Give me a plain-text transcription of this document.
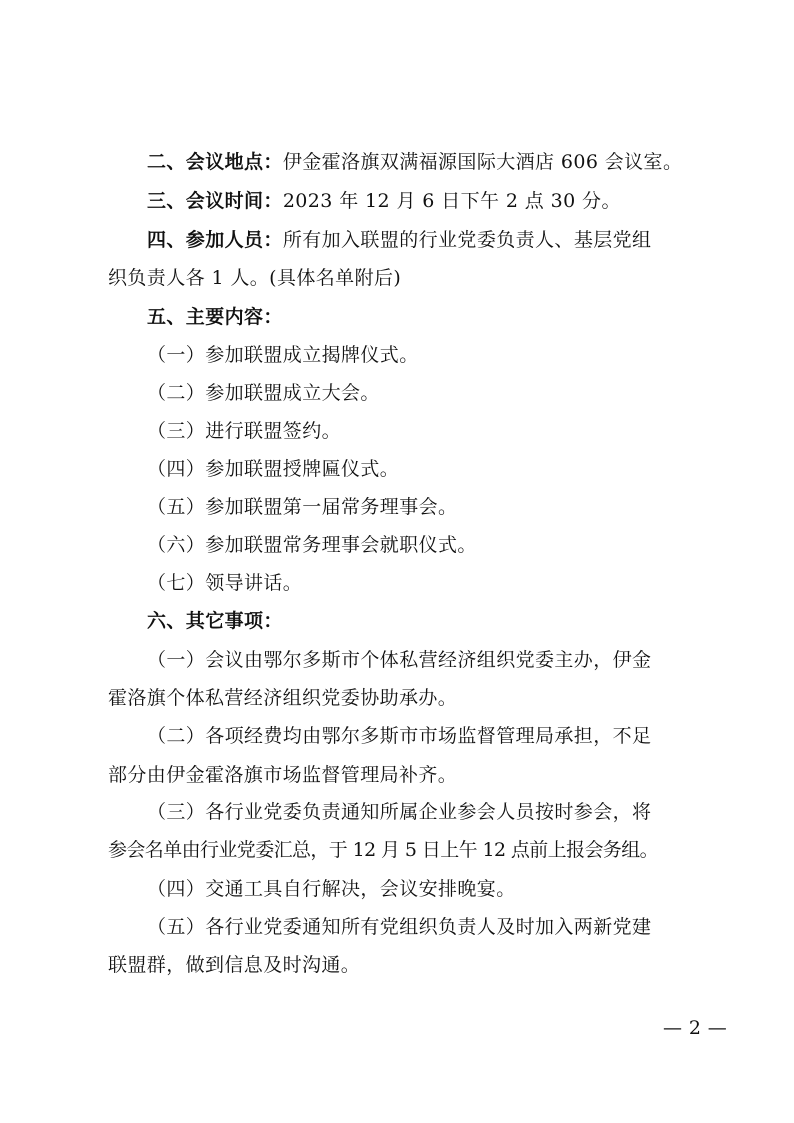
二、会议地点：伊金霍洛旗双满福源国际大酒店 606 会议室。
三、会议时间：2023 年 12 月 6 日下午 2 点 30 分。
四、参加人员：所有加入联盟的行业党委负责人、基层党组
织负责人各 1 人。(具体名单附后)
五、主要内容：
（一）参加联盟成立揭牌仪式。
（二）参加联盟成立大会。
（三）进行联盟签约。
（四）参加联盟授牌匾仪式。
（五）参加联盟第一届常务理事会。
（六）参加联盟常务理事会就职仪式。
（七）领导讲话。
六、其它事项：
（一）会议由鄂尔多斯市个体私营经济组织党委主办，伊金
霍洛旗个体私营经济组织党委协助承办。
（二）各项经费均由鄂尔多斯市市场监督管理局承担，不足
部分由伊金霍洛旗市场监督管理局补齐。
（三）各行业党委负责通知所属企业参会人员按时参会，将
参会名单由行业党委汇总，于 12 月 5 日上午 12 点前上报会务组。
（四）交通工具自行解决，会议安排晚宴。
（五）各行业党委通知所有党组织负责人及时加入两新党建
联盟群，做到信息及时沟通。
— 2 —
